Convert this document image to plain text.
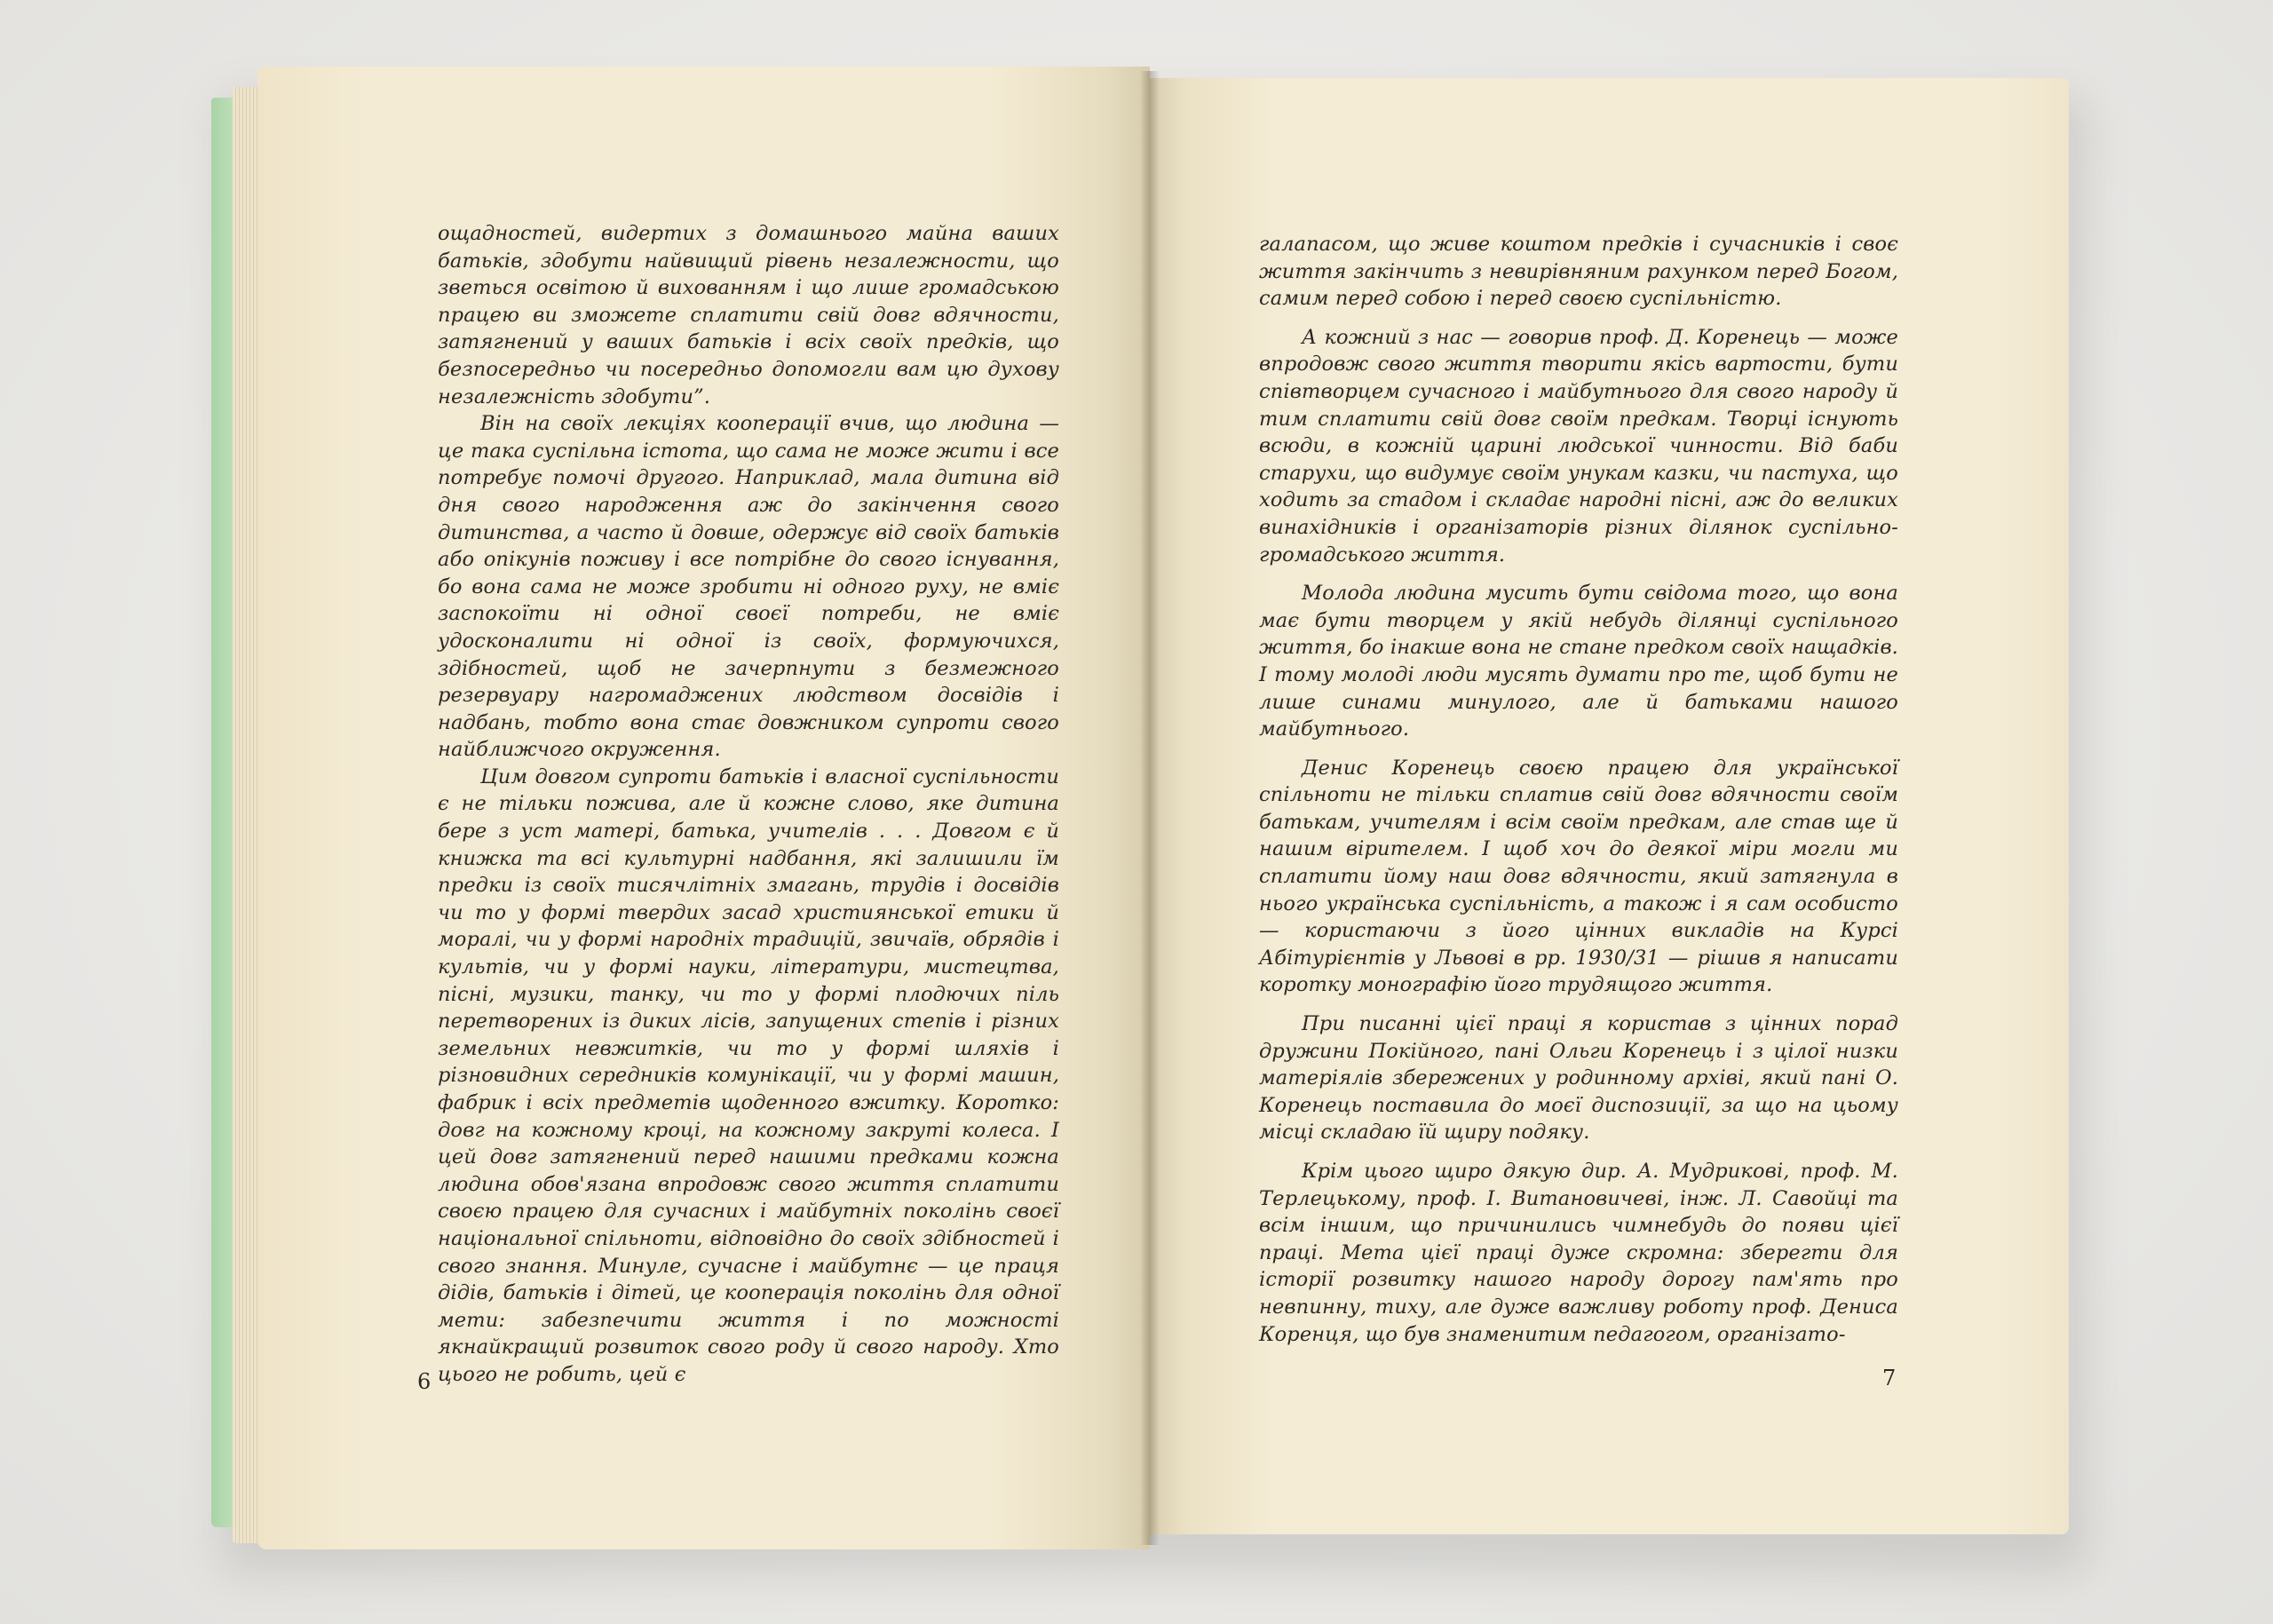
ощадностей, видертих з домашнього майна ваших батьків, здобути найвищий рівень незалежности, що зветься освітою й вихованням і що лише громадською працею ви зможете сплатити свій довг вдячности, затягнений у ваших батьків і всіх своїх предків, що безпосередньо чи посередньо допомогли вам цю духову незалежність здобути”.

Він на своїх лекціях кооперації вчив, що людина — це така суспільна істота, що сама не може жити і все потребує помочі другого. Наприклад, мала дитина від дня свого народження аж до закінчення свого дитинства, а часто й довше, одержує від своїх батьків або опікунів поживу і все потрібне до свого існування, бо вона сама не може зробити ні одного руху, не вміє заспокоїти ні одної своєї потреби, не вміє удосконалити ні одної із своїх, формуючихся, здібностей, щоб не зачерпнути з безмежного резервуару нагромаджених людством досвідів і надбань, тобто вона стає довжником супроти свого найближчого окруження.

Цим довгом супроти батьків і власної суспільности є не тільки пожива, але й кожне слово, яке дитина бере з уст матері, батька, учителів . . . Довгом є й книжка та всі культурні надбання, які залишили їм предки із своїх тисячлітніх змагань, трудів і досвідів чи то у формі твердих засад християнської етики й моралі, чи у формі народніх традицій, звичаїв, обрядів і культів, чи у формі науки, літератури, мистецтва, пісні, музики, танку, чи то у формі плодючих піль перетворених із диких лісів, запущених степів і різних земельних невжитків, чи то у формі шляхів і різновидних середників комунікації, чи у формі машин, фабрик і всіх предметів щоденного вжитку. Коротко: довг на кожному кроці, на кожному закруті колеса. І цей довг затягнений перед нашими предками кожна людина обов'язана впродовж свого життя сплатити своєю працею для сучасних і майбутніх поколінь своєї національної спільноти, відповідно до своїх здібностей і свого знання. Минуле, сучасне і майбутнє — це праця дідів, батьків і дітей, це кооперація поколінь для одної мети: забезпечити життя і по можності якнайкращий розвиток свого роду й свого народу. Хто цього не робить, цей є

6

галапасом, що живе коштом предків і сучасників і своє життя закінчить з невирівняним рахунком перед Богом, самим перед собою і перед своєю суспільністю.

А кожний з нас — говорив проф. Д. Коренець — може впродовж свого життя творити якісь вартости, бути співтворцем сучасного і майбутнього для свого народу й тим сплатити свій довг своїм предкам. Творці існують всюди, в кожній царині людської чинности. Від баби старухи, що видумує своїм унукам казки, чи пастуха, що ходить за стадом і складає народні пісні, аж до великих винахідників і організаторів різних ділянок суспільно-громадського життя.

Молода людина мусить бути свідома того, що вона має бути творцем у якій небудь ділянці суспільного життя, бо інакше вона не стане предком своїх нащадків. І тому молоді люди мусять думати про те, щоб бути не лише синами минулого, але й батьками нашого майбутнього.

Денис Коренець своєю працею для української спільноти не тільки сплатив свій довг вдячности своїм батькам, учителям і всім своїм предкам, але став ще й нашим вірителем. І щоб хоч до деякої міри могли ми сплатити йому наш довг вдячности, який затягнула в нього українська суспільність, а також і я сам особисто — користаючи з його цінних викладів на Курсі Абітурієнтів у Львові в рр. 1930/31 — рішив я написати коротку монографію його трудящого життя.

При писанні цієї праці я користав з цінних порад дружини Покійного, пані Ольги Коренець і з цілої низки матеріялів збережених у родинному архіві, який пані О. Коренець поставила до моєї диспозиції, за що на цьому місці складаю їй щиру подяку.

Крім цього щиро дякую дир. А. Мудрикові, проф. М. Терлецькому, проф. І. Витановичеві, інж. Л. Савойці та всім іншим, що причинились чимнебудь до появи цієї праці. Мета цієї праці дуже скромна: зберегти для історії розвитку нашого народу дорогу пам'ять про невпинну, тиху, але дуже важливу роботу проф. Дениса Коренця, що був знаменитим педагогом, організато-

7
